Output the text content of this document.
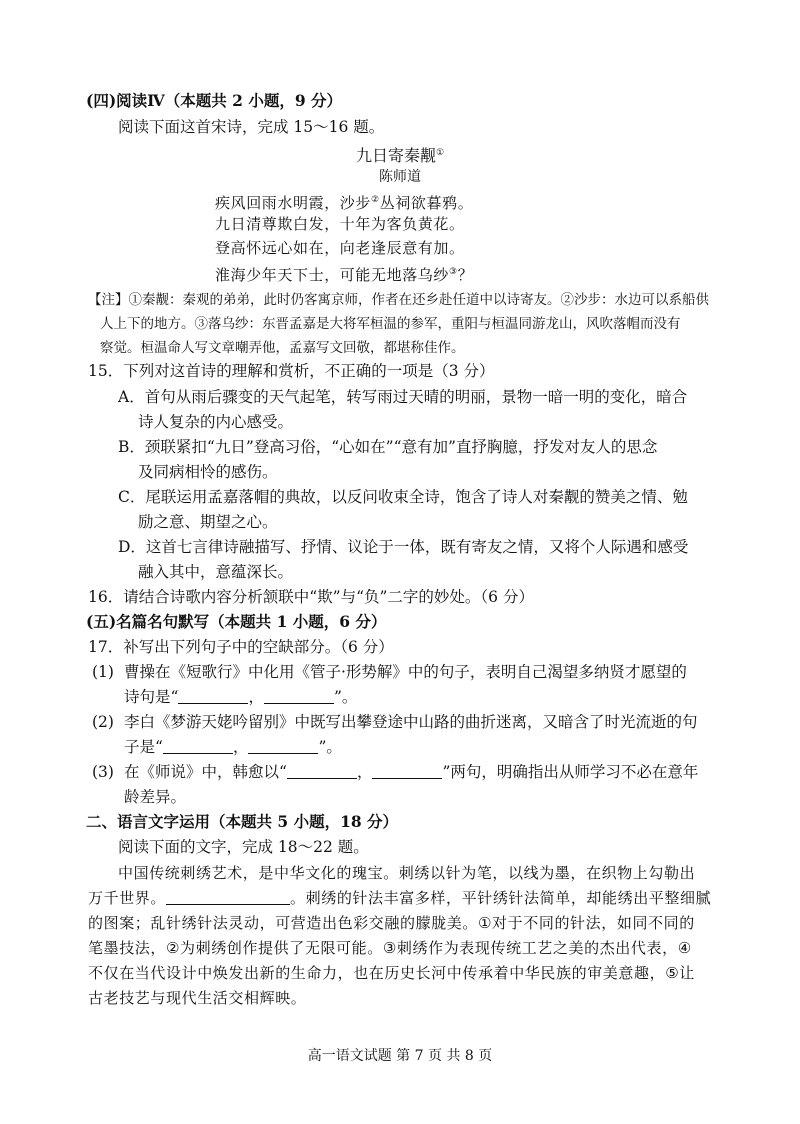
(四)阅读Ⅳ（本题共 2 小题，9 分）
阅读下面这首宋诗，完成 15～16 题。
九日寄秦觏①
陈师道
疾风回雨水明霞，沙步②丛祠欲暮鸦。
九日清尊欺白发，十年为客负黄花。
登高怀远心如在，向老逢辰意有加。
淮海少年天下士，可能无地落乌纱③？
【注】①秦觏：秦观的弟弟，此时仍客寓京师，作者在还乡赴任道中以诗寄友。②沙步：水边可以系船供
人上下的地方。③落乌纱：东晋孟嘉是大将军桓温的参军，重阳与桓温同游龙山，风吹落帽而没有
察觉。桓温命人写文章嘲弄他，孟嘉写文回敬，都堪称佳作。
15．下列对这首诗的理解和赏析，不正确的一项是（3 分）
A．首句从雨后骤变的天气起笔，转写雨过天晴的明丽，景物一暗一明的变化，暗合
诗人复杂的内心感受。
B．颈联紧扣“九日”登高习俗，“心如在”“意有加”直抒胸臆，抒发对友人的思念
及同病相怜的感伤。
C．尾联运用孟嘉落帽的典故，以反问收束全诗，饱含了诗人对秦觏的赞美之情、勉
励之意、期望之心。
D．这首七言律诗融描写、抒情、议论于一体，既有寄友之情，又将个人际遇和感受
融入其中，意蕴深长。
16．请结合诗歌内容分析颔联中“欺”与“负”二字的妙处。（6 分）
(五)名篇名句默写（本题共 1 小题，6 分）
17．补写出下列句子中的空缺部分。（6 分）
(1) 曹操在《短歌行》中化用《管子·形势解》中的句子，表明自己渴望多纳贤才愿望的
诗句是“	，	”。
(2) 李白《梦游天姥吟留别》中既写出攀登途中山路的曲折迷离，又暗含了时光流逝的句
子是“	，	”。
(3) 在《师说》中，韩愈以“	，	”两句，明确指出从师学习不必在意年
龄差异。
二、语言文字运用（本题共 5 小题，18 分）
阅读下面的文字，完成 18～22 题。
中国传统刺绣艺术，是中华文化的瑰宝。刺绣以针为笔，以线为墨，在织物上勾勒出
万千世界。	。刺绣的针法丰富多样，平针绣针法简单，却能绣出平整细腻
的图案；乱针绣针法灵动，可营造出色彩交融的朦胧美。①对于不同的针法，如同不同的
笔墨技法，②为刺绣创作提供了无限可能。③刺绣作为表现传统工艺之美的杰出代表，④
不仅在当代设计中焕发出新的生命力，也在历史长河中传承着中华民族的审美意趣，⑤让
古老技艺与现代生活交相辉映。
高一语文试题 第 7 页 共 8 页
